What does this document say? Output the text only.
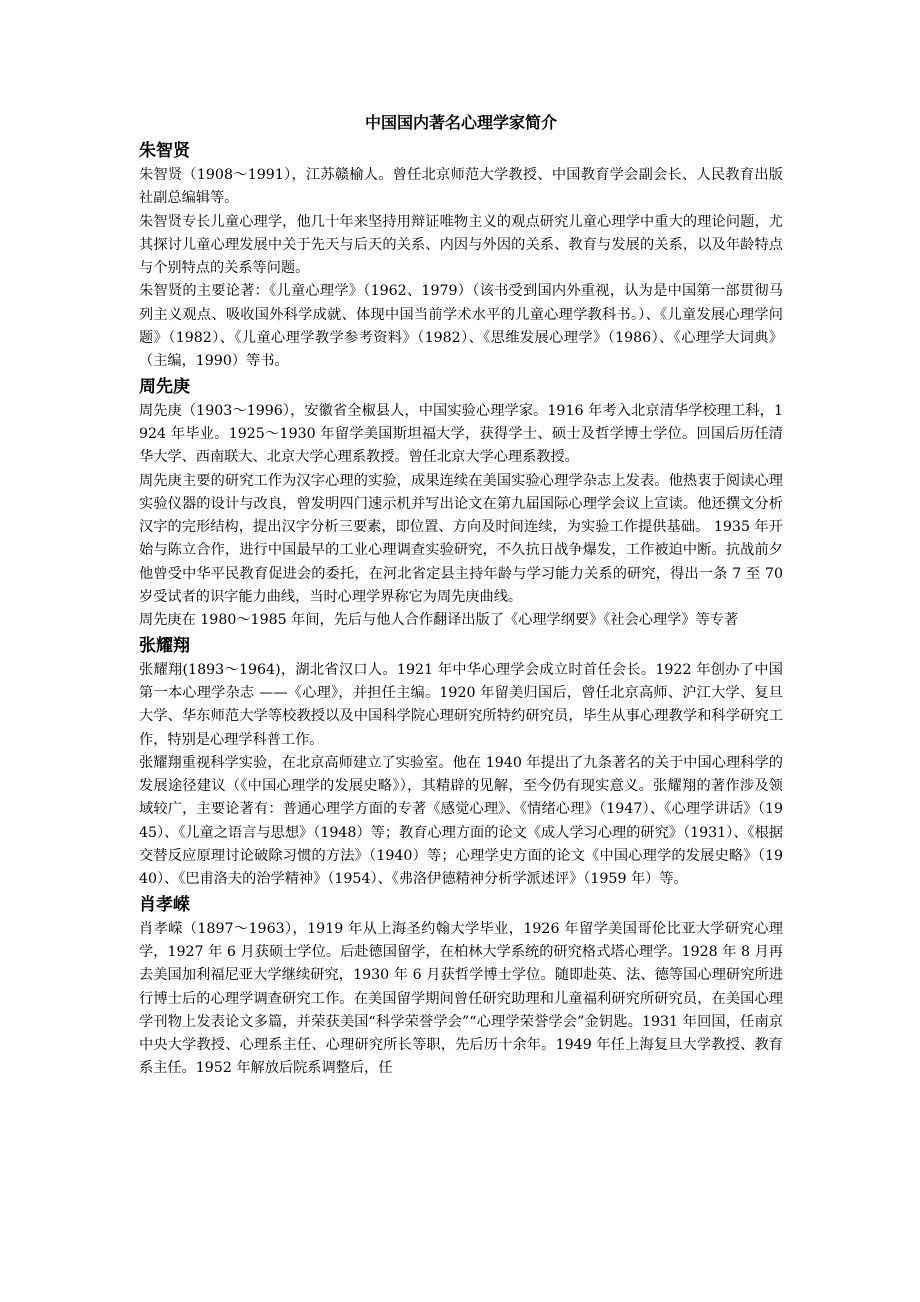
中国国内著名心理学家简介
朱智贤

朱智贤（1908～1991），江苏赣榆人。曾任北京师范大学教授、中国教育学会副会长、人民教育出版社副总编辑等。

朱智贤专长儿童心理学，他几十年来坚持用辩证唯物主义的观点研究儿童心理学中重大的理论问题，尤其探讨儿童心理发展中关于先天与后天的关系、内因与外因的关系、教育与发展的关系，以及年龄特点与个别特点的关系等问题。

朱智贤的主要论著：《儿童心理学》（1962、1979）（该书受到国内外重视，认为是中国第一部贯彻马列主义观点、吸收国外科学成就、体现中国当前学术水平的儿童心理学教科书。）、《儿童发展心理学问题》（1982）、《儿童心理学教学参考资料》（1982）、《思维发展心理学》（1986）、《心理学大词典》（主编，1990）等书。

周先庚

周先庚（1903～1996），安徽省全椒县人，中国实验心理学家。1916 年考入北京清华学校理工科，1924 年毕业。1925～1930 年留学美国斯坦福大学，获得学士、硕士及哲学博士学位。回国后历任清华大学、西南联大、北京大学心理系教授。曾任北京大学心理系教授。

周先庚主要的研究工作为汉字心理的实验，成果连续在美国实验心理学杂志上发表。他热衷于阅读心理实验仪器的设计与改良，曾发明四门速示机并写出论文在第九届国际心理学会议上宣读。他还撰文分析汉字的完形结构，提出汉字分析三要素，即位置、方向及时间连续，为实验工作提供基础。 1935 年开始与陈立合作，进行中国最早的工业心理调查实验研究，不久抗日战争爆发，工作被迫中断。抗战前夕他曾受中华平民教育促进会的委托，在河北省定县主持年龄与学习能力关系的研究，得出一条 7 至 70 岁受试者的识字能力曲线，当时心理学界称它为周先庚曲线。

周先庚在 1980～1985 年间，先后与他人合作翻译出版了《心理学纲要》《社会心理学》等专著

张耀翔

张耀翔(1893～1964)，湖北省汉口人。1921 年中华心理学会成立时首任会长。1922 年创办了中国第一本心理学杂志 ——《心理》，并担任主编。1920 年留美归国后，曾任北京高师、沪江大学、复旦大学、华东师范大学等校教授以及中国科学院心理研究所特约研究员，毕生从事心理教学和科学研究工作，特别是心理学科普工作。

张耀翔重视科学实验，在北京高师建立了实验室。他在 1940 年提出了九条著名的关于中国心理科学的发展途径建议（《中国心理学的发展史略》），其精辟的见解，至今仍有现实意义。张耀翔的著作涉及领域较广，主要论著有：普通心理学方面的专著《感觉心理》、《情绪心理》（1947）、《心理学讲话》（1945）、《儿童之语言与思想》（1948）等；教育心理方面的论文《成人学习心理的研究》（1931）、《根据交替反应原理讨论破除习惯的方法》（1940）等；心理学史方面的论文《中国心理学的发展史略》（1940）、《巴甫洛夫的治学精神》（1954）、《弗洛伊德精神分析学派述评》（1959 年）等。

肖孝嵘

肖孝嵘（1897～1963），1919 年从上海圣约翰大学毕业，1926 年留学美国哥伦比亚大学研究心理学，1927 年 6 月获硕士学位。后赴德国留学，在柏林大学系统的研究格式塔心理学。1928 年 8 月再去美国加利福尼亚大学继续研究，1930 年 6 月获哲学博士学位。随即赴英、法、德等国心理研究所进行博士后的心理学调查研究工作。在美国留学期间曾任研究助理和儿童福利研究所研究员，在美国心理学刊物上发表论文多篇，并荣获美国“科学荣誉学会”“心理学荣誉学会”金钥匙。1931 年回国，任南京中央大学教授、心理系主任、心理研究所长等职，先后历十余年。1949 年任上海复旦大学教授、教育系主任。1952 年解放后院系调整后，任
